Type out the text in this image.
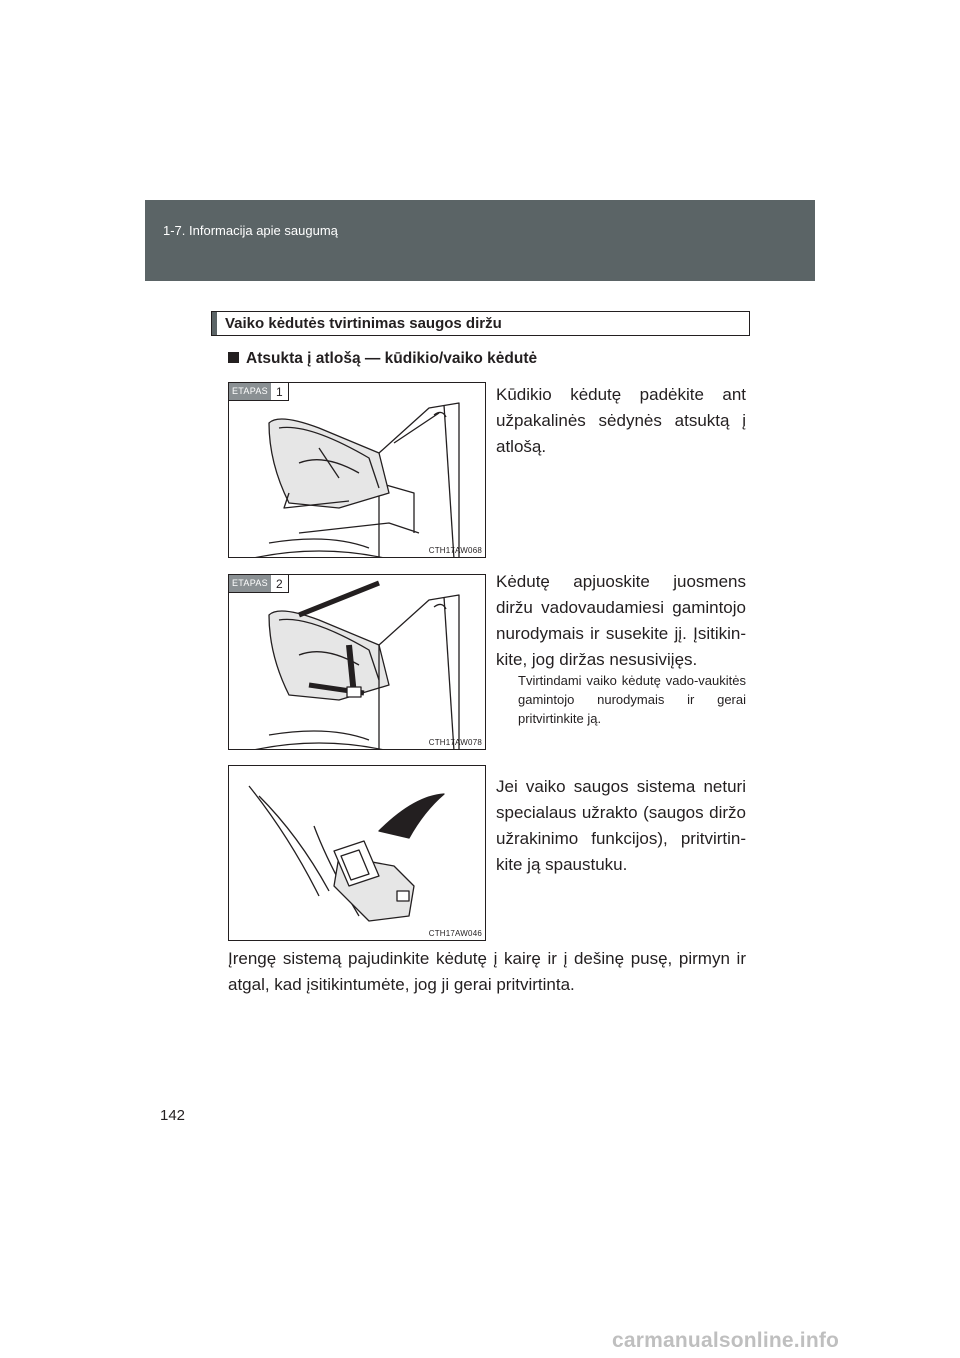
1-7. Informacija apie saugumą
Vaiko kėdutės tvirtinimas saugos diržu
Atsukta į atlošą — kūdikio/vaiko kėdutė
ETAPAS 1
CTH17AW068
Kūdikio kėdutę padėkite ant užpakalinės sėdynės atsuktą į atlošą.
ETAPAS 2
CTH17AW078
Kėdutę apjuoskite juosmens diržu vadovaudamiesi gamintojo nurodymais ir susekite jį. Įsitikin-kite, jog diržas nesusiviįęs.
Tvirtindami vaiko kėdutę vado-vaukitės gamintojo nurodymais ir gerai pritvirtinkite ją.
CTH17AW046
Jei vaiko saugos sistema neturi specialaus užrakto (saugos diržo užrakinimo funkcijos), pritvirtin-kite ją spaustuku.
Įrengę sistemą pajudinkite kėdutę į kairę ir į dešinę pusę, pirmyn ir atgal, kad įsitikintumėte, jog ji gerai pritvirtinta.
142
carmanualsonline.info
